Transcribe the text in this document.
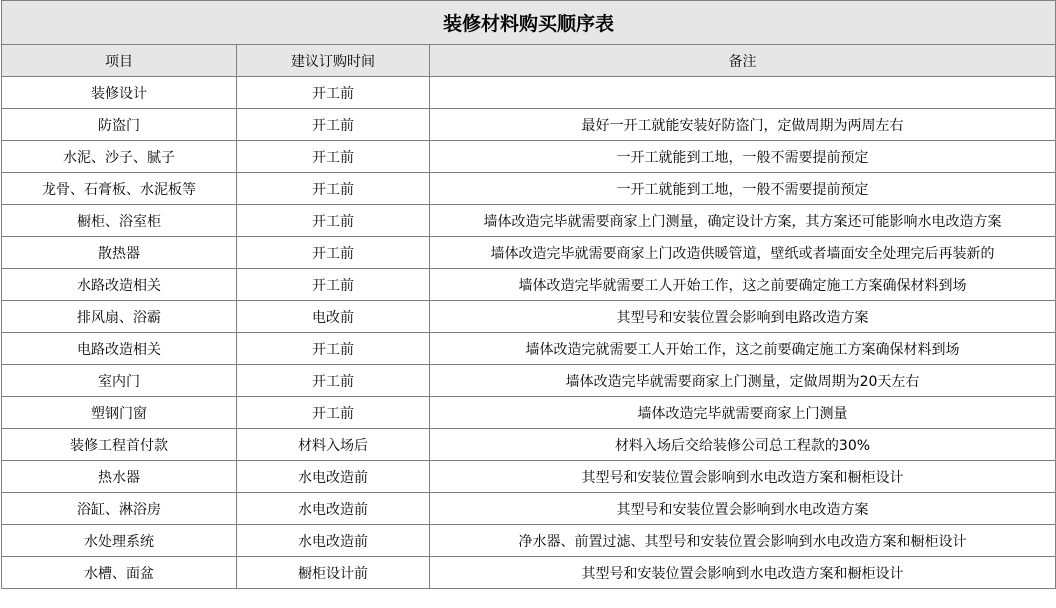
装修材料购买顺序表		
项目	建议订购时间	备注
装修设计	开工前	
防盗门	开工前	最好一开工就能安装好防盗门，定做周期为两周左右
水泥、沙子、腻子	开工前	一开工就能到工地，一般不需要提前预定
龙骨、石膏板、水泥板等	开工前	一开工就能到工地，一般不需要提前预定
橱柜、浴室柜	开工前	墙体改造完毕就需要商家上门测量，确定设计方案，其方案还可能影响水电改造方案
散热器	开工前	墙体改造完毕就需要商家上门改造供暖管道，壁纸或者墙面安全处理完后再装新的
水路改造相关	开工前	墙体改造完毕就需要工人开始工作，这之前要确定施工方案确保材料到场
排风扇、浴霸	电改前	其型号和安装位置会影响到电路改造方案
电路改造相关	开工前	墙体改造完就需要工人开始工作，这之前要确定施工方案确保材料到场
室内门	开工前	墙体改造完毕就需要商家上门测量，定做周期为20天左右
塑钢门窗	开工前	墙体改造完毕就需要商家上门测量
装修工程首付款	材料入场后	材料入场后交给装修公司总工程款的30%
热水器	水电改造前	其型号和安装位置会影响到水电改造方案和橱柜设计
浴缸、淋浴房	水电改造前	其型号和安装位置会影响到水电改造方案
水处理系统	水电改造前	净水器、前置过滤、其型号和安装位置会影响到水电改造方案和橱柜设计
水槽、面盆	橱柜设计前	其型号和安装位置会影响到水电改造方案和橱柜设计
